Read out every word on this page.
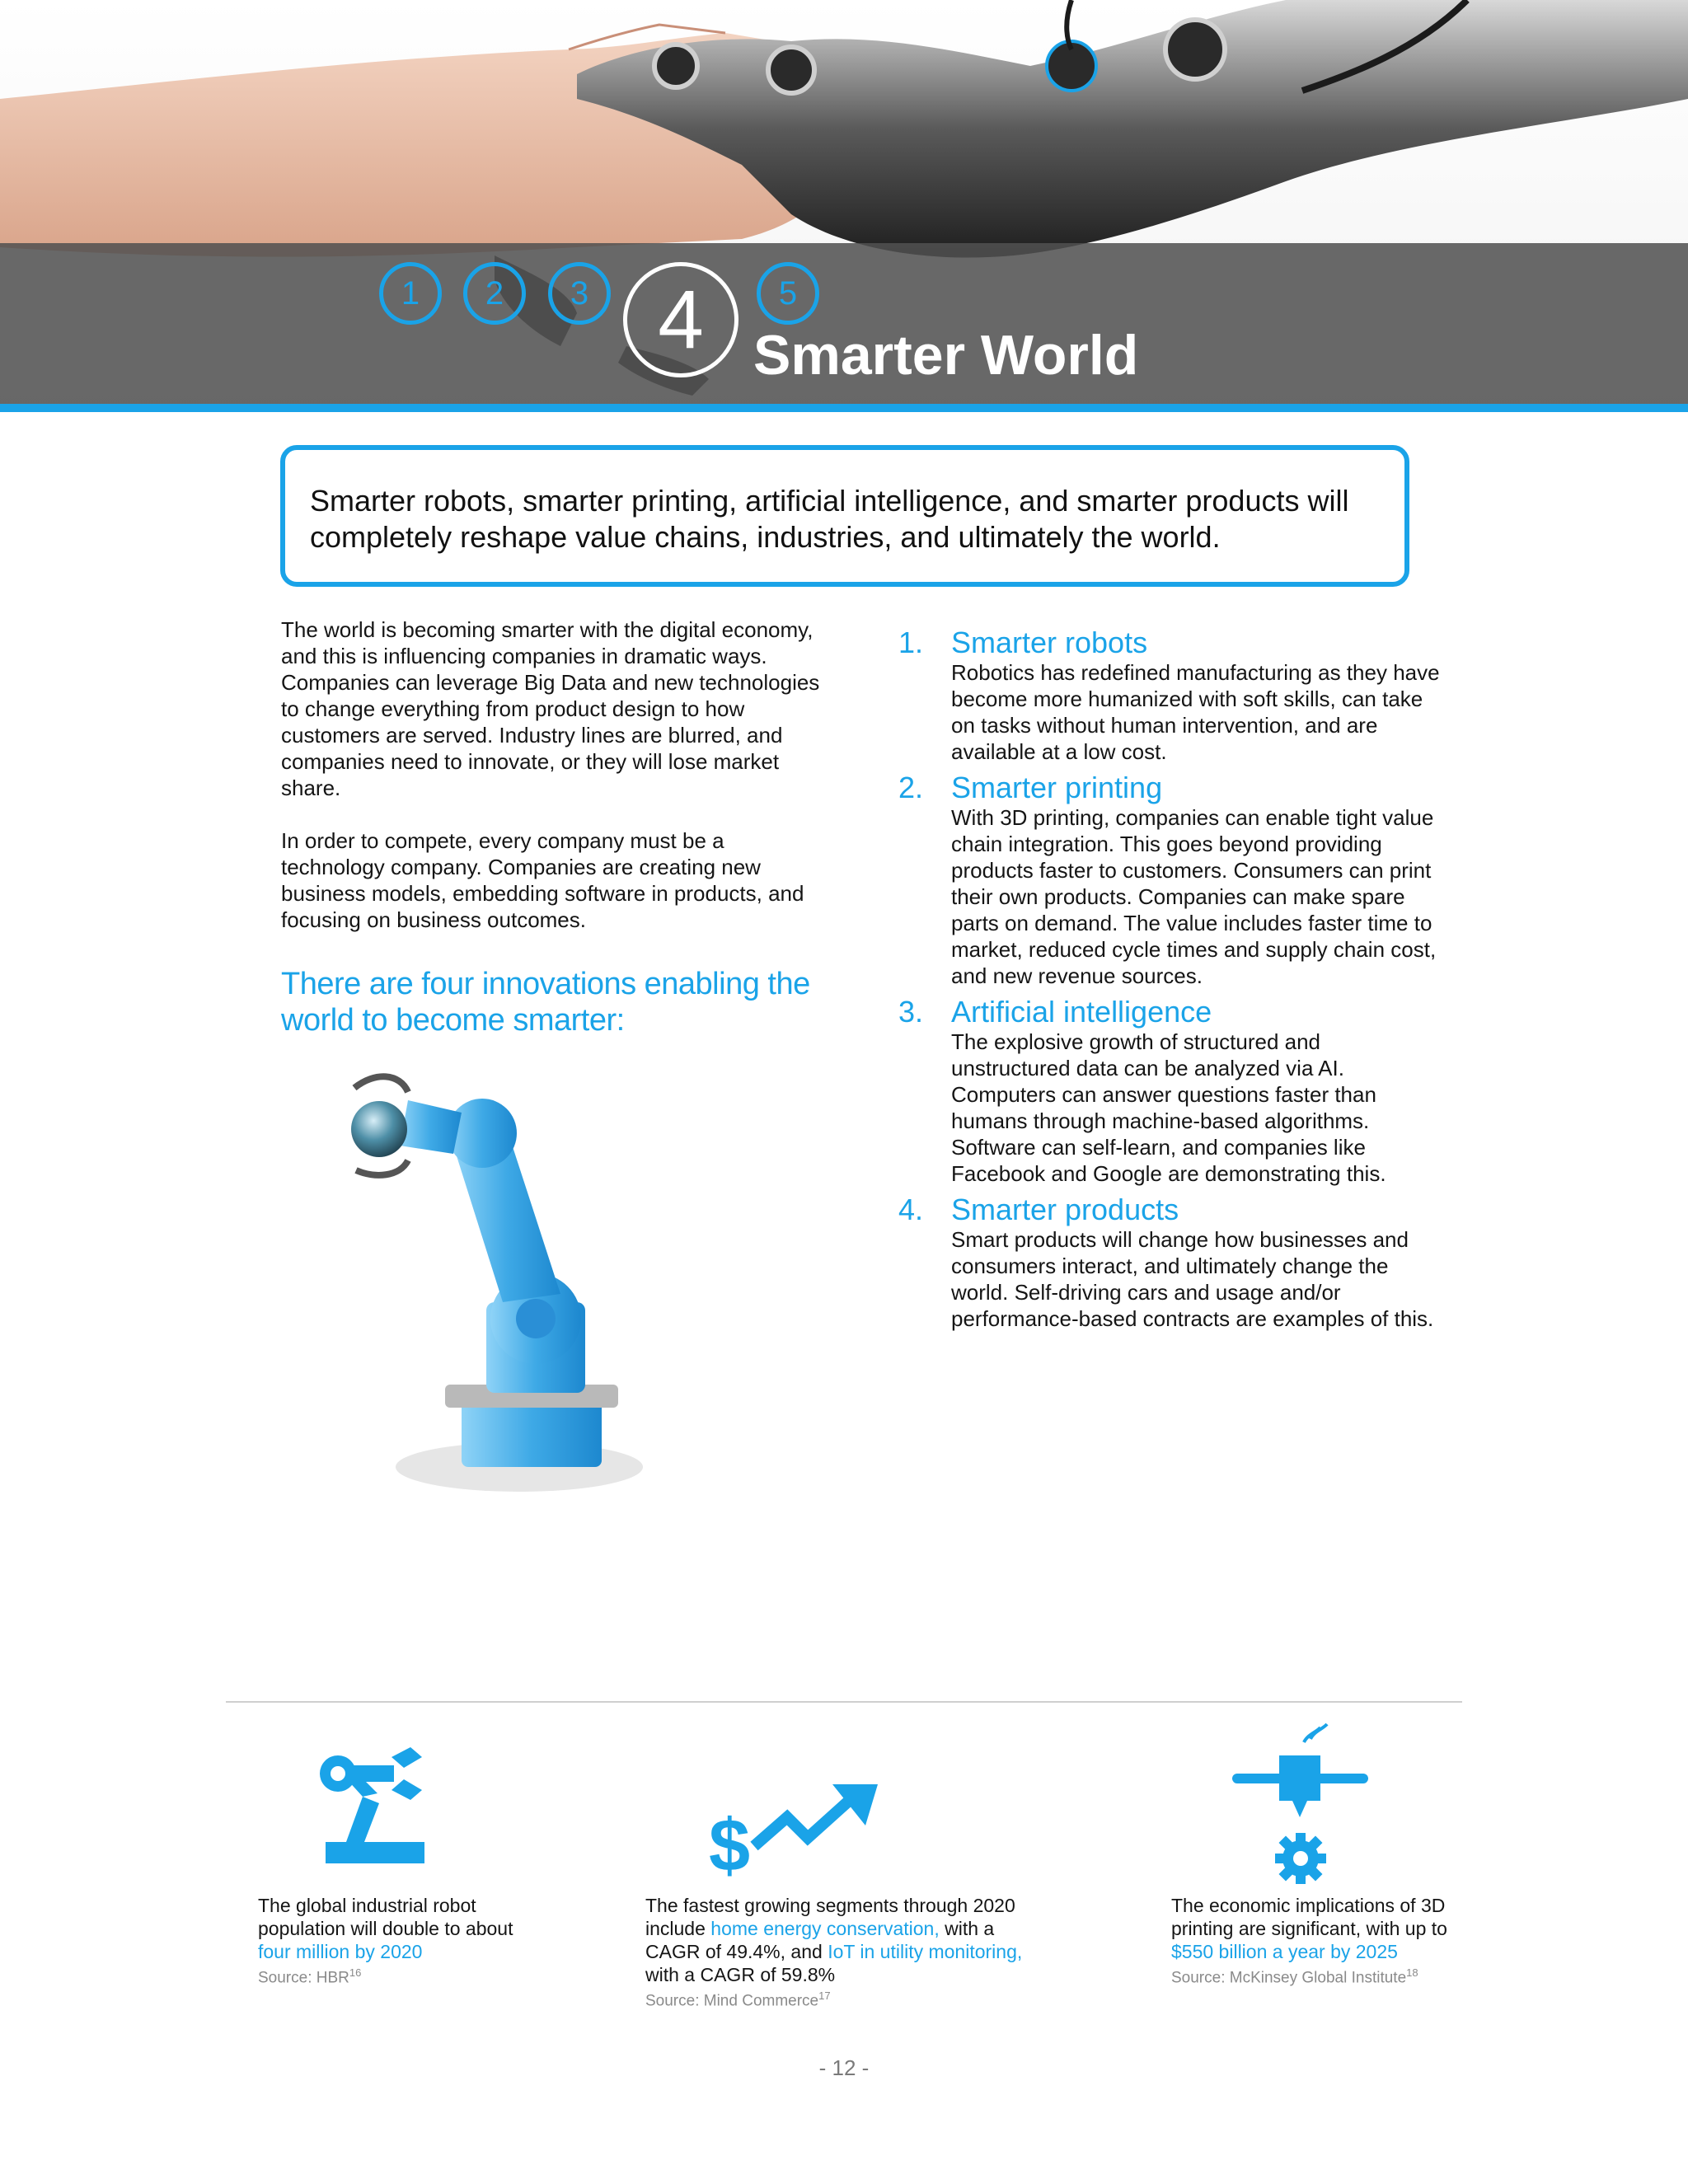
1 2 3 4 5
Smarter World

Smarter robots, smarter printing, artificial intelligence, and smarter products will completely reshape value chains, industries, and ultimately the world.

The world is becoming smarter with the digital economy, and this is influencing companies in dramatic ways. Companies can leverage Big Data and new technologies to change everything from product design to how customers are served. Industry lines are blurred, and companies need to innovate, or they will lose market share.

In order to compete, every company must be a technology company. Companies are creating new business models, embedding software in products, and focusing on business outcomes.

There are four innovations enabling the world to become smarter:

1. Smarter robots
Robotics has redefined manufacturing as they have become more humanized with soft skills, can take on tasks without human intervention, and are available at a low cost.
2. Smarter printing
With 3D printing, companies can enable tight value chain integration. This goes beyond providing products faster to customers. Consumers can print their own products. Companies can make spare parts on demand. The value includes faster time to market, reduced cycle times and supply chain cost, and new revenue sources.
3. Artificial intelligence
The explosive growth of structured and unstructured data can be analyzed via AI. Computers can answer questions faster than humans through machine-based algorithms. Software can self-learn, and companies like Facebook and Google are demonstrating this.
4. Smarter products
Smart products will change how businesses and consumers interact, and ultimately change the world. Self-driving cars and usage and/or performance-based contracts are examples of this.
$
The global industrial robot population will double to about four million by 2020
Source: HBR$^{16}$
The fastest growing segments through 2020 include home energy conservation, with a CAGR of 49.4%, and IoT in utility monitoring, with a CAGR of 59.8%
Source: Mind Commerce$^{17}$
The economic implications of 3D printing are significant, with up to $550 billion a year by 2025
Source: McKinsey Global Institute$^{18}$
- 12 -
